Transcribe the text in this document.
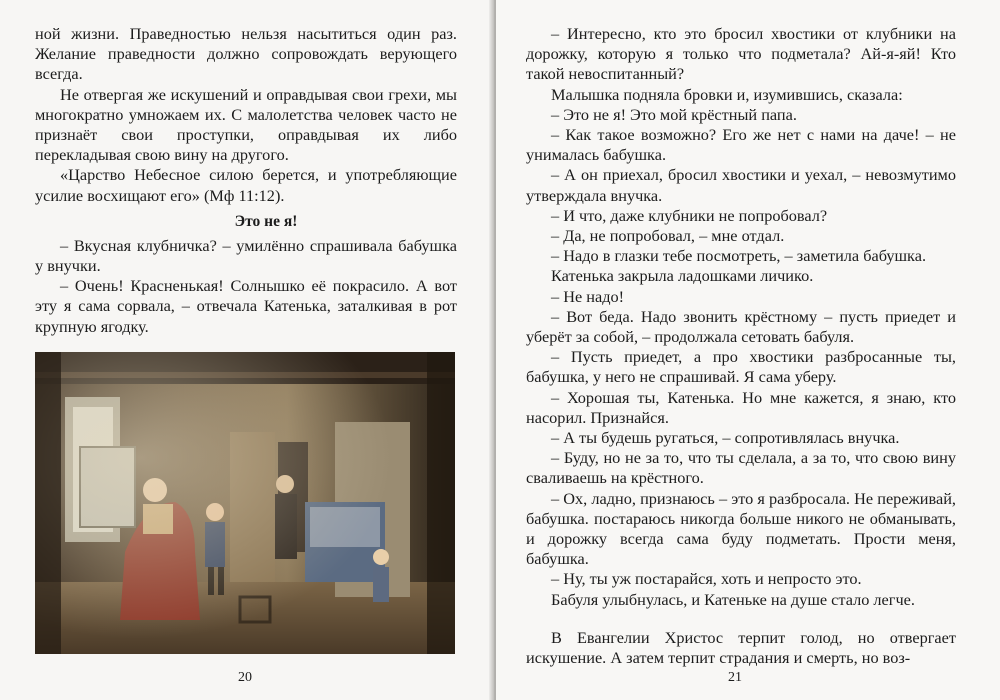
ной жизни. Праведностью нельзя насытиться один раз. Желание праведности должно сопровождать верующего всегда.

Не отвергая же искушений и оправдывая свои грехи, мы многократно умножаем их. С малолетства человек часто не признаёт свои проступки, оправдывая их либо перекладывая свою вину на другого.

«Царство Небесное силою берется, и употребляющие усилие восхищают его» (Мф 11:12).

Это не я!

– Вкусная клубничка? – умилённо спрашивала бабушка у внучки.

– Очень! Красненькая! Солнышко её покрасило. А вот эту я сама сорвала, – отвечала Катенька, заталкивая в рот крупную ягодку.

20

– Интересно, кто это бросил хвостики от клубники на дорожку, которую я только что подметала? Ай-я-яй! Кто такой невоспитанный?

Малышка подняла бровки и, изумившись, сказала:

– Это не я! Это мой крёстный папа.

– Как такое возможно? Его же нет с нами на даче! – не унималась бабушка.

– А он приехал, бросил хвостики и уехал, – невозмутимо утверждала внучка.

– И что, даже клубники не попробовал?

– Да, не попробовал, – мне отдал.

– Надо в глазки тебе посмотреть, – заметила бабушка.

Катенька закрыла ладошками личико.

– Не надо!

– Вот беда. Надо звонить крёстному – пусть приедет и уберёт за собой, – продолжала сетовать бабуля.

– Пусть приедет, а про хвостики разбросанные ты, бабушка, у него не спрашивай. Я сама уберу.

– Хорошая ты, Катенька. Но мне кажется, я знаю, кто насорил. Признайся.

– А ты будешь ругаться, – сопротивлялась внучка.

– Буду, но не за то, что ты сделала, а за то, что свою вину сваливаешь на крёстного.

– Ох, ладно, признаюсь – это я разбросала. Не переживай, бабушка. постараюсь никогда больше никого не обманывать, и дорожку всегда сама буду подметать. Прости меня, бабушка.

– Ну, ты уж постарайся, хоть и непросто это.

Бабуля улыбнулась, и Катеньке на душе стало легче.

В Евангелии Христос терпит голод, но отвергает искушение. А затем терпит страдания и смерть, но воз-

21
